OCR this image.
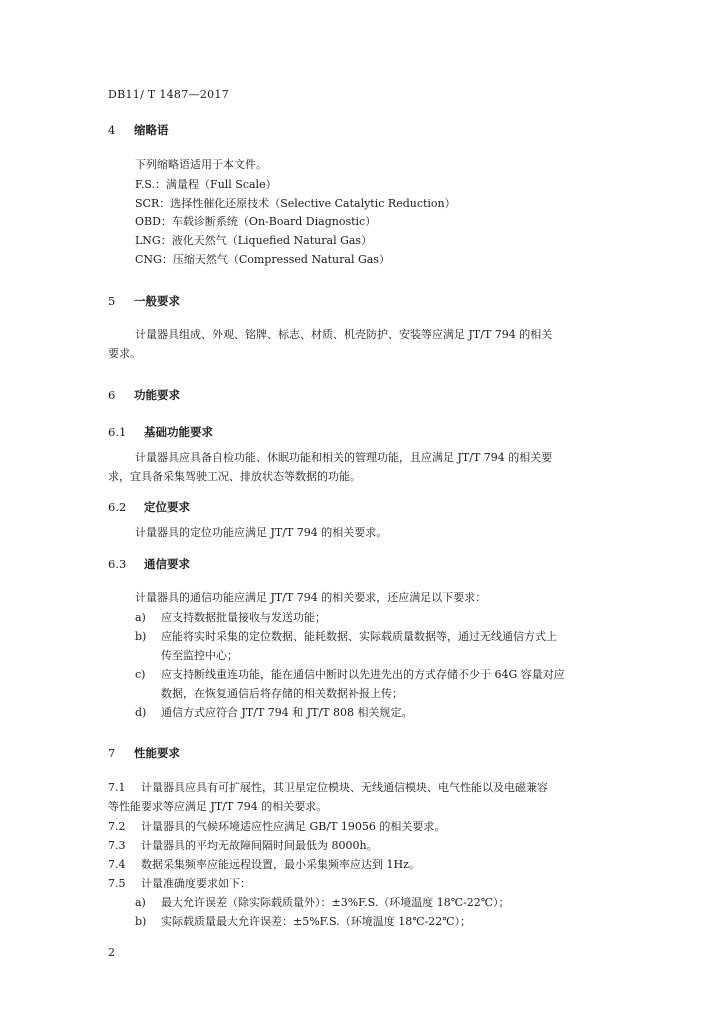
DB11/ T 1487—2017
4 缩略语
下列缩略语适用于本文件。
F.S.：满量程（Full Scale）
SCR：选择性催化还原技术（Selective Catalytic Reduction）
OBD：车载诊断系统（On-Board Diagnostic）
LNG：液化天然气（Liquefied Natural Gas）
CNG：压缩天然气（Compressed Natural Gas）
5 一般要求
计量器具组成、外观、铭牌、标志、材质、机壳防护、安装等应满足 JT/T 794 的相关
要求。
6 功能要求
6.1 基础功能要求
计量器具应具备自检功能、休眠功能和相关的管理功能，且应满足 JT/T 794 的相关要
求，宜具备采集驾驶工况、排放状态等数据的功能。
6.2 定位要求
计量器具的定位功能应满足 JT/T 794 的相关要求。
6.3 通信要求
计量器具的通信功能应满足 JT/T 794 的相关要求，还应满足以下要求：
a) 应支持数据批量接收与发送功能；
b) 应能将实时采集的定位数据、能耗数据、实际载质量数据等，通过无线通信方式上
传至监控中心；
c) 应支持断线重连功能，能在通信中断时以先进先出的方式存储不少于 64G 容量对应
数据，在恢复通信后将存储的相关数据补报上传；
d) 通信方式应符合 JT/T 794 和 JT/T 808 相关规定。
7 性能要求
7.1 计量器具应具有可扩展性，其卫星定位模块、无线通信模块、电气性能以及电磁兼容
等性能要求等应满足 JT/T 794 的相关要求。
7.2 计量器具的气候环境适应性应满足 GB/T 19056 的相关要求。
7.3 计量器具的平均无故障间隔时间最低为 8000h。
7.4 数据采集频率应能远程设置，最小采集频率应达到 1Hz。
7.5 计量准确度要求如下：
a) 最大允许误差（除实际载质量外）：±3%F.S.（环境温度 18℃-22℃）；
b) 实际载质量最大允许误差：±5%F.S.（环境温度 18℃-22℃）；
2
